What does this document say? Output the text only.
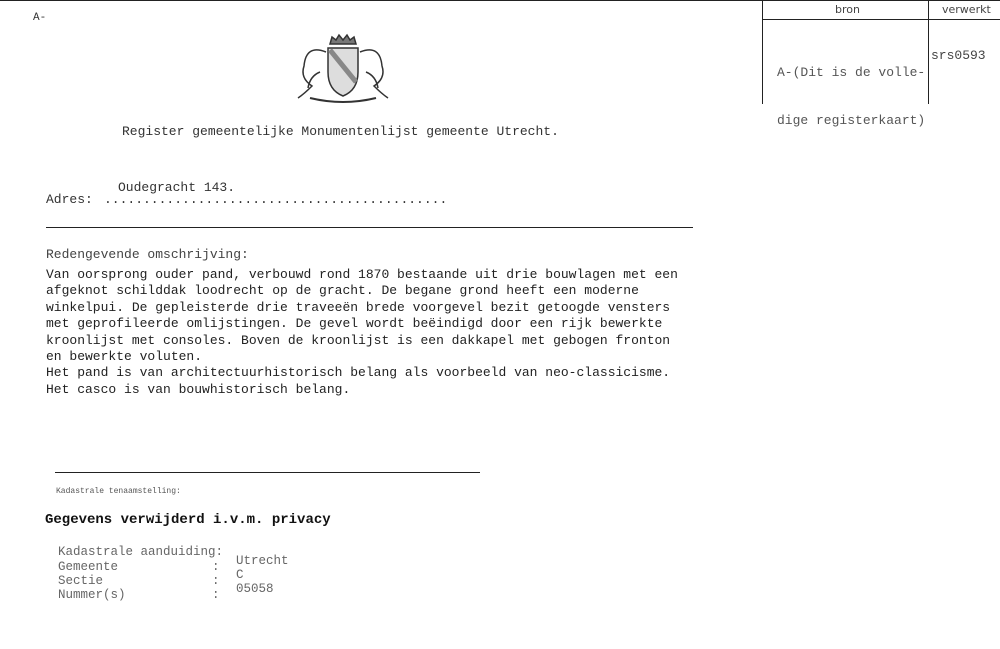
A-
bron	verwerkt

A-(Dit is de volle-

dige registerkaart)

srs0593
Register gemeentelijke Monumentenlijst gemeente Utrecht.
Oudegracht 143.
Adres: ............................................
Redengevende omschrijving:
Van oorsprong ouder pand, verbouwd rond 1870 bestaande uit drie bouwlagen met een
afgeknot schilddak loodrecht op de gracht. De begane grond heeft een moderne
winkelpui. De gepleisterde drie traveeën brede voorgevel bezit getoogde vensters
met geprofileerde omlijstingen. De gevel wordt beëindigd door een rijk bewerkte
kroonlijst met consoles. Boven de kroonlijst is een dakkapel met gebogen fronton
en bewerkte voluten.
Het pand is van architectuurhistorisch belang als voorbeeld van neo-classicisme.
Het casco is van bouwhistorisch belang.
Kadastrale tenaamstelling:
Gegevens verwijderd i.v.m. privacy
Kadastrale aanduiding:
Gemeente
Sectie
Nummer(s)
:
:
:
Utrecht
C
05058
